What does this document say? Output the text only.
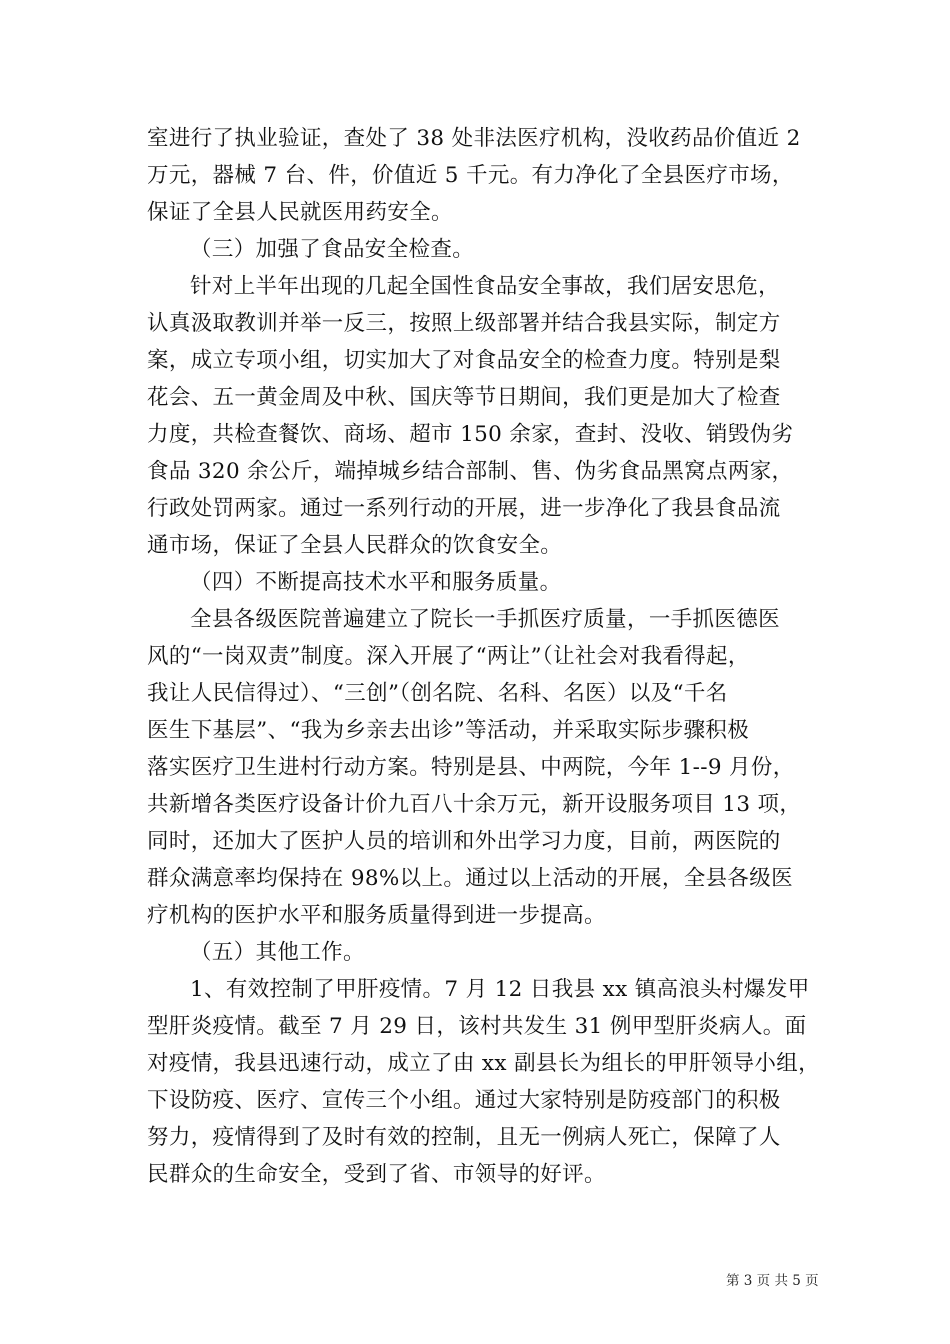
室进行了执业验证，查处了 38 处非法医疗机构，没收药品价值近 2
万元，器械 7 台、件，价值近 5 千元。有力净化了全县医疗市场，
保证了全县人民就医用药安全。
（三）加强了食品安全检查。
针对上半年出现的几起全国性食品安全事故，我们居安思危，
认真汲取教训并举一反三，按照上级部署并结合我县实际，制定方
案，成立专项小组，切实加大了对食品安全的检查力度。特别是梨
花会、五一黄金周及中秋、国庆等节日期间，我们更是加大了检查
力度，共检查餐饮、商场、超市 150 余家，查封、没收、销毁伪劣
食品 320 余公斤，端掉城乡结合部制、售、伪劣食品黑窝点两家，
行政处罚两家。通过一系列行动的开展，进一步净化了我县食品流
通市场，保证了全县人民群众的饮食安全。
（四）不断提高技术水平和服务质量。
全县各级医院普遍建立了院长一手抓医疗质量，一手抓医德医
风的“一岗双责”制度。深入开展了“两让”（让社会对我看得起，
我让人民信得过）、“三创”（创名院、名科、名医）以及“千名
医生下基层”、“我为乡亲去出诊”等活动，并采取实际步骤积极
落实医疗卫生进村行动方案。特别是县、中两院，今年 1--9 月份，
共新增各类医疗设备计价九百八十余万元，新开设服务项目 13 项，
同时，还加大了医护人员的培训和外出学习力度，目前，两医院的
群众满意率均保持在 98%以上。通过以上活动的开展，全县各级医
疗机构的医护水平和服务质量得到进一步提高。
（五）其他工作。
1、有效控制了甲肝疫情。7 月 12 日我县 xx 镇高浪头村爆发甲
型肝炎疫情。截至 7 月 29 日，该村共发生 31 例甲型肝炎病人。面
对疫情，我县迅速行动，成立了由 xx 副县长为组长的甲肝领导小组，
下设防疫、医疗、宣传三个小组。通过大家特别是防疫部门的积极
努力，疫情得到了及时有效的控制，且无一例病人死亡，保障了人
民群众的生命安全，受到了省、市领导的好评。
第 3 页 共 5 页
